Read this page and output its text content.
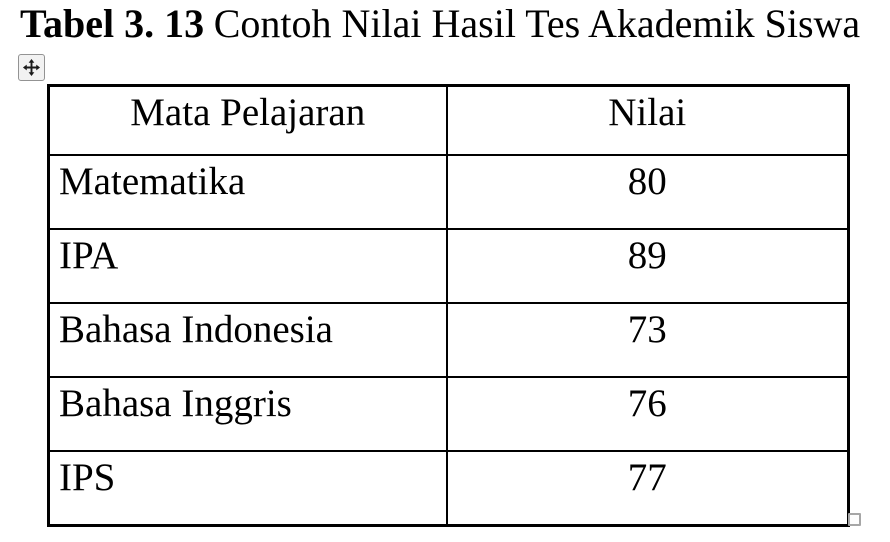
Tabel 3. 13 Contoh Nilai Hasil Tes Akademik Siswa
Mata Pelajaran	Nilai
Matematika	80
IPA	89
Bahasa Indonesia	73
Bahasa Inggris	76
IPS	77
